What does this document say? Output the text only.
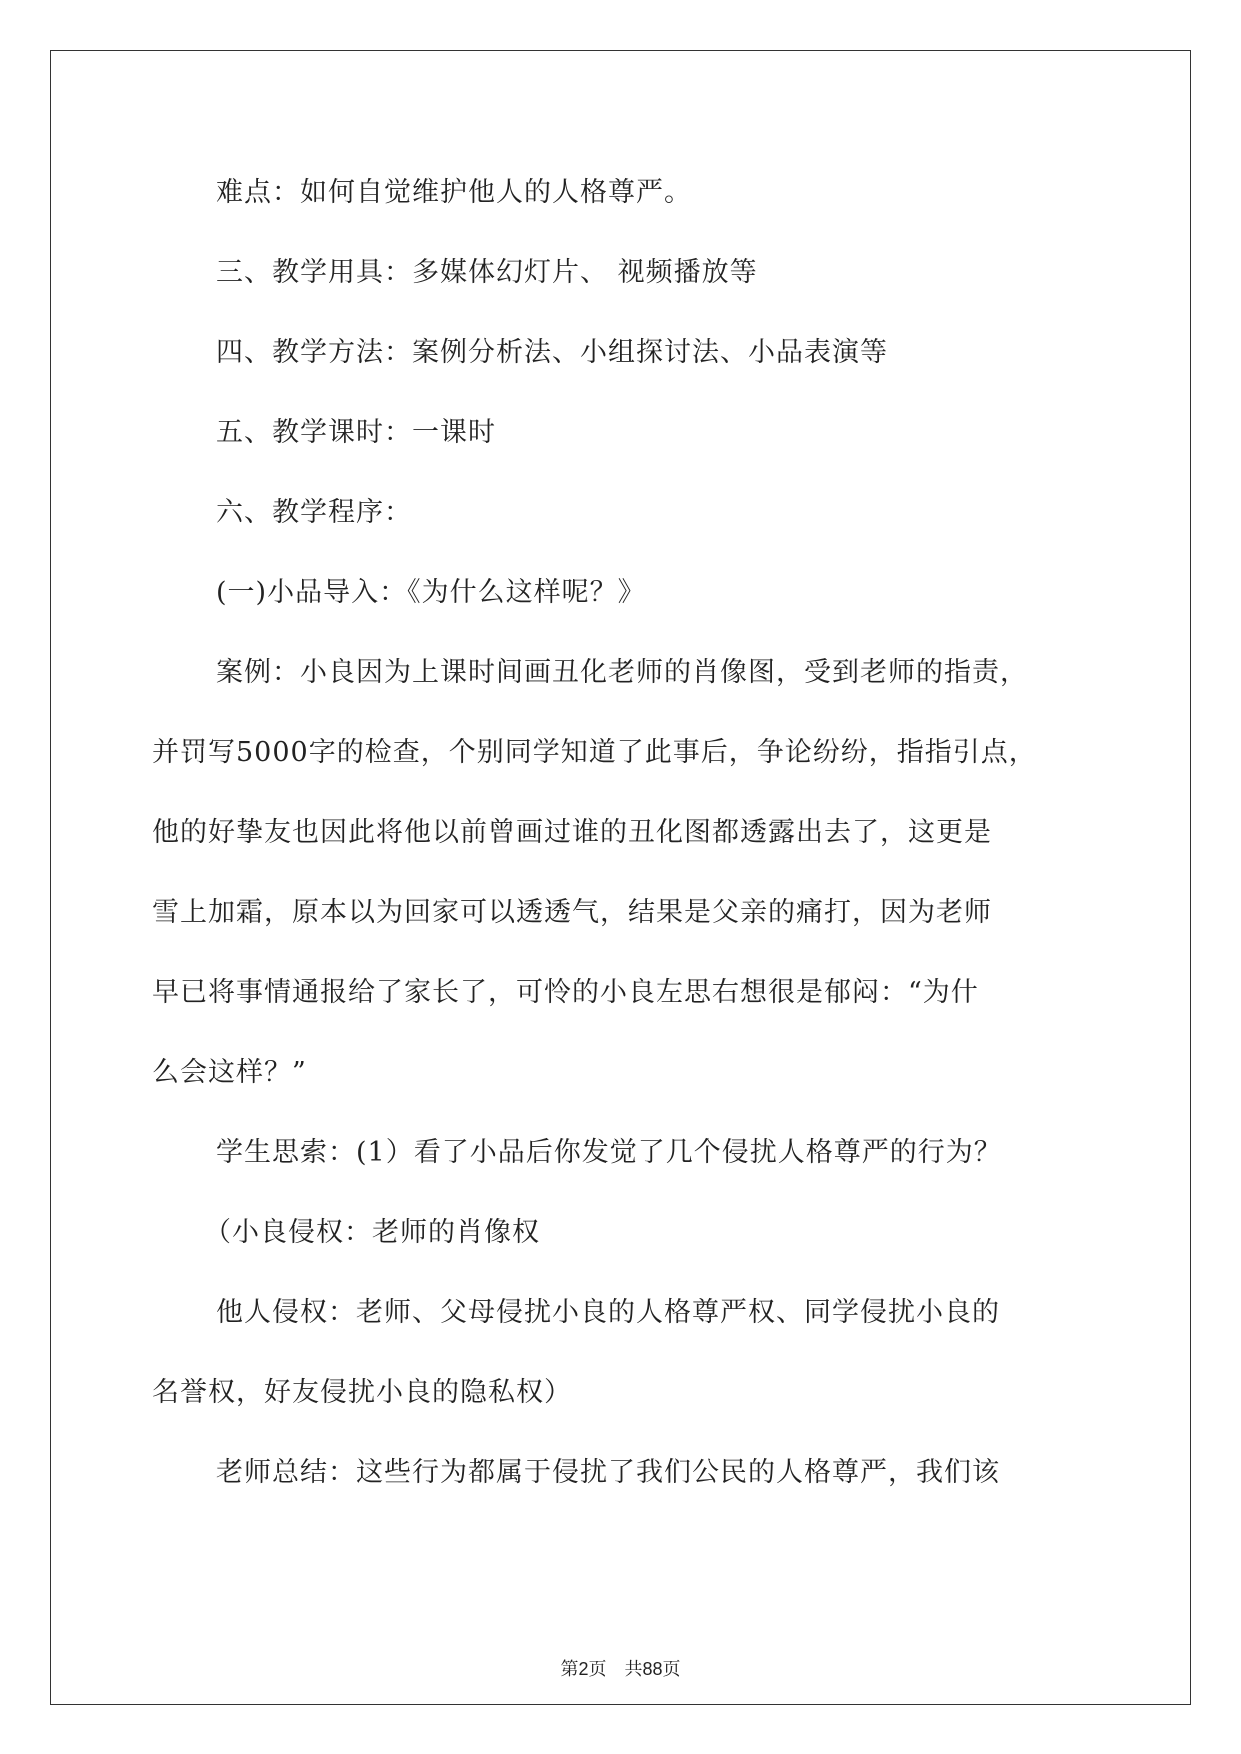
难点：如何自觉维护他人的人格尊严。
三、教学用具：多媒体幻灯片、 视频播放等
四、教学方法：案例分析法、小组探讨法、小品表演等
五、教学课时：一课时
六、教学程序：
(一)小品导入：《为什么这样呢？》
案例：小良因为上课时间画丑化老师的肖像图，受到老师的指责，
并罚写5000字的检查，个别同学知道了此事后，争论纷纷，指指引点，
他的好挚友也因此将他以前曾画过谁的丑化图都透露出去了，这更是
雪上加霜，原本以为回家可以透透气，结果是父亲的痛打，因为老师
早已将事情通报给了家长了，可怜的小良左思右想很是郁闷：“为什
么会这样？”
学生思索：(1）看了小品后你发觉了几个侵扰人格尊严的行为？
（小良侵权：老师的肖像权
他人侵权：老师、父母侵扰小良的人格尊严权、同学侵扰小良的
名誉权，好友侵扰小良的隐私权）
老师总结：这些行为都属于侵扰了我们公民的人格尊严，我们该
第2页　共88页
